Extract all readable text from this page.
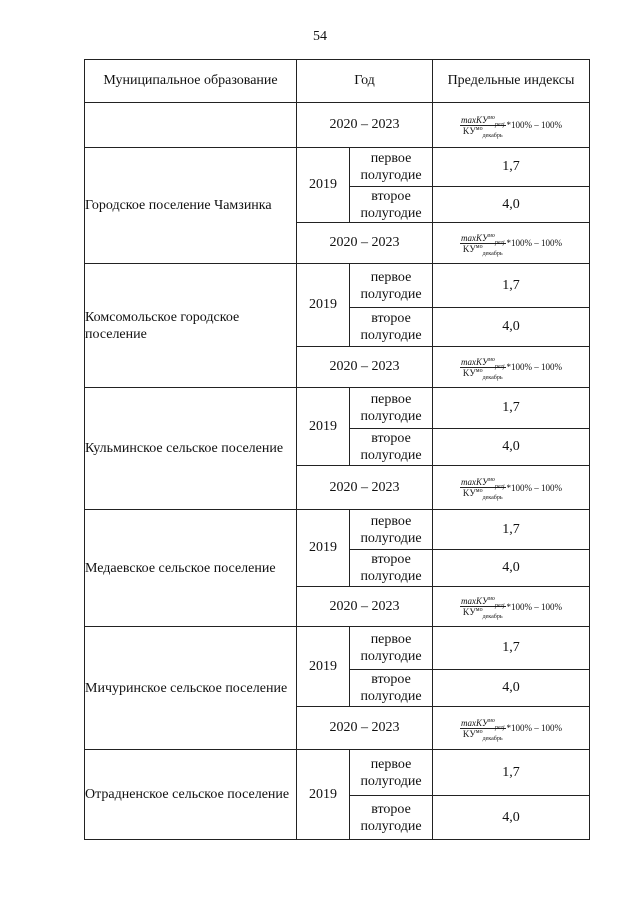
54
Муниципальное образование	Год		Предельные индексы
	2020 – 2023		$\frac{\max KУ^{мо}_{регj}}{KУ^{мо}_{декабрь}} *100\% - 100\%$
Городское поселение Чамзинка	2019	первое полугодие	1,7
		второе полугодие	4,0
	2020 – 2023		$\frac{\max KУ^{мо}_{регj}}{KУ^{мо}_{декабрь}} *100\% - 100\%$
Комсомольское городское поселение	2019	первое полугодие	1,7
		второе полугодие	4,0
	2020 – 2023		$\frac{\max KУ^{мо}_{регj}}{KУ^{мо}_{декабрь}} *100\% - 100\%$
Кульминское сельское поселение	2019	первое полугодие	1,7
		второе полугодие	4,0
	2020 – 2023		$\frac{\max KУ^{мо}_{регj}}{KУ^{мо}_{декабрь}} *100\% - 100\%$
Медаевское сельское поселение	2019	первое полугодие	1,7
		второе полугодие	4,0
	2020 – 2023		$\frac{\max KУ^{мо}_{регj}}{KУ^{мо}_{декабрь}} *100\% - 100\%$
Мичуринское сельское поселение	2019	первое полугодие	1,7
		второе полугодие	4,0
	2020 – 2023		$\frac{\max KУ^{мо}_{регj}}{KУ^{мо}_{декабрь}} *100\% - 100\%$
Отрадненское сельское поселение	2019	первое полугодие	1,7
		второе полугодие	4,0
